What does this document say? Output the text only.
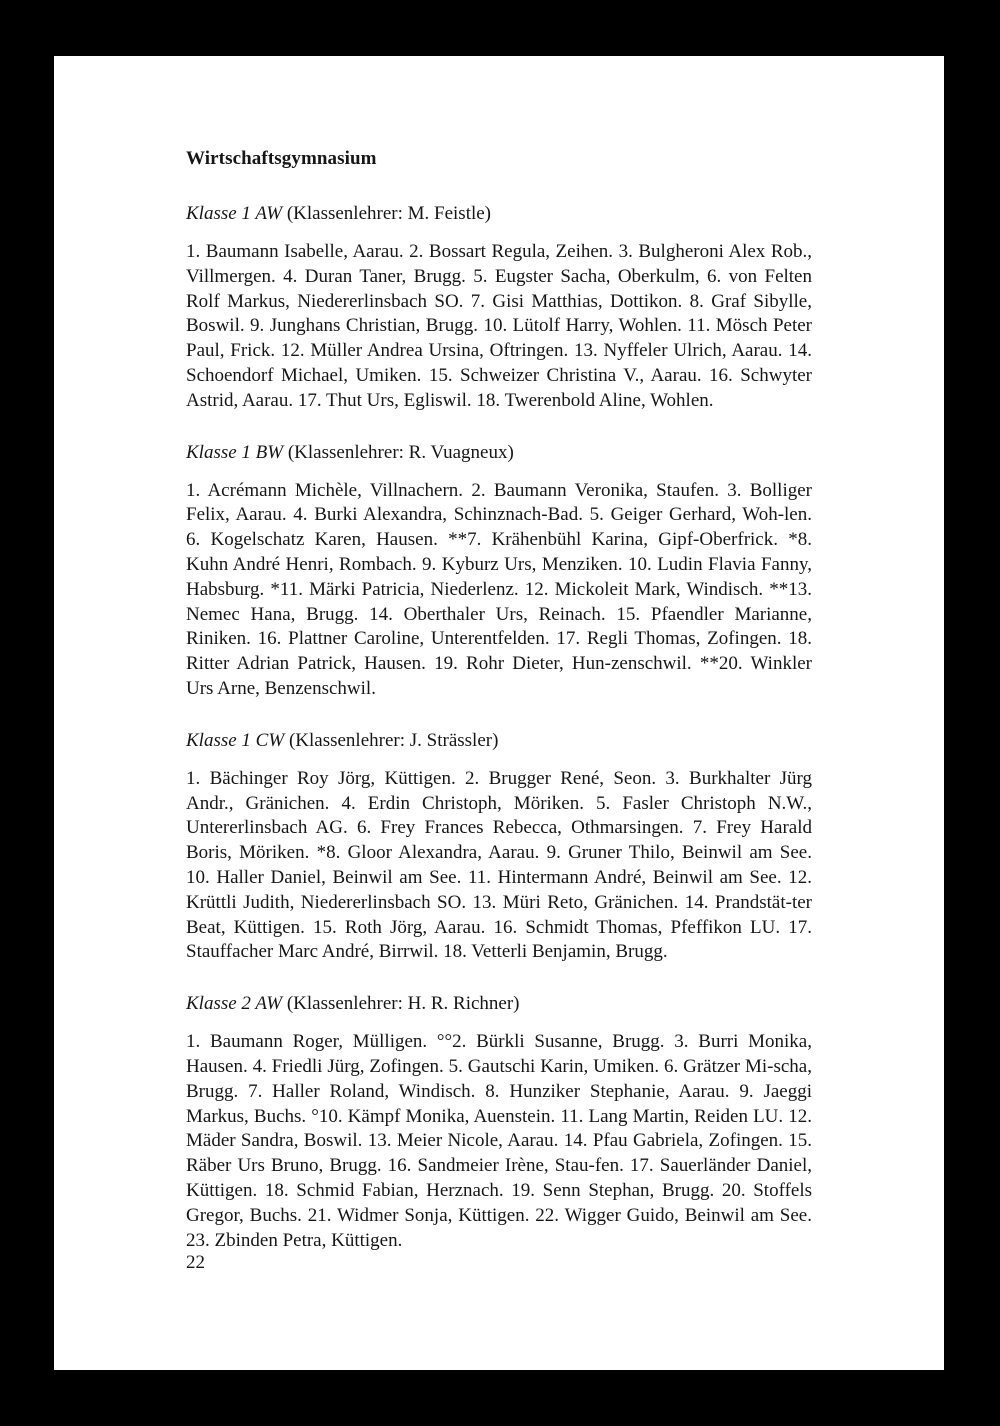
Wirtschaftsgymnasium

Klasse 1 AW (Klassenlehrer: M. Feistle)

1. Baumann Isabelle, Aarau. 2. Bossart Regula, Zeihen. 3. Bulgheroni Alex Rob., Villmergen. 4. Duran Taner, Brugg. 5. Eugster Sacha, Oberkulm, 6. von Felten Rolf Markus, Niedererlinsbach SO. 7. Gisi Matthias, Dottikon. 8. Graf Sibylle, Boswil. 9. Junghans Christian, Brugg. 10. Lütolf Harry, Wohlen. 11. Mösch Peter Paul, Frick. 12. Müller Andrea Ursina, Oftringen. 13. Nyffeler Ulrich, Aarau. 14. Schoendorf Michael, Umiken. 15. Schweizer Christina V., Aarau. 16. Schwyter Astrid, Aarau. 17. Thut Urs, Egliswil. 18. Twerenbold Aline, Wohlen.

Klasse 1 BW (Klassenlehrer: R. Vuagneux)

1. Acrémann Michèle, Villnachern. 2. Baumann Veronika, Staufen. 3. Bolliger Felix, Aarau. 4. Burki Alexandra, Schinznach-Bad. 5. Geiger Gerhard, Woh-len. 6. Kogelschatz Karen, Hausen. **7. Krähenbühl Karina, Gipf-Oberfrick. *8. Kuhn André Henri, Rombach. 9. Kyburz Urs, Menziken. 10. Ludin Flavia Fanny, Habsburg. *11. Märki Patricia, Niederlenz. 12. Mickoleit Mark, Windisch. **13. Nemec Hana, Brugg. 14. Oberthaler Urs, Reinach. 15. Pfaendler Marianne, Riniken. 16. Plattner Caroline, Unterentfelden. 17. Regli Thomas, Zofingen. 18. Ritter Adrian Patrick, Hausen. 19. Rohr Dieter, Hun-zenschwil. **20. Winkler Urs Arne, Benzenschwil.

Klasse 1 CW (Klassenlehrer: J. Strässler)

1. Bächinger Roy Jörg, Küttigen. 2. Brugger René, Seon. 3. Burkhalter Jürg Andr., Gränichen. 4. Erdin Christoph, Möriken. 5. Fasler Christoph N.W., Untererlinsbach AG. 6. Frey Frances Rebecca, Othmarsingen. 7. Frey Harald Boris, Möriken. *8. Gloor Alexandra, Aarau. 9. Gruner Thilo, Beinwil am See. 10. Haller Daniel, Beinwil am See. 11. Hintermann André, Beinwil am See. 12. Krüttli Judith, Niedererlinsbach SO. 13. Müri Reto, Gränichen. 14. Prandstät-ter Beat, Küttigen. 15. Roth Jörg, Aarau. 16. Schmidt Thomas, Pfeffikon LU. 17. Stauffacher Marc André, Birrwil. 18. Vetterli Benjamin, Brugg.

Klasse 2 AW (Klassenlehrer: H. R. Richner)

1. Baumann Roger, Mülligen. °°2. Bürkli Susanne, Brugg. 3. Burri Monika, Hausen. 4. Friedli Jürg, Zofingen. 5. Gautschi Karin, Umiken. 6. Grätzer Mi-scha, Brugg. 7. Haller Roland, Windisch. 8. Hunziker Stephanie, Aarau. 9. Jaeggi Markus, Buchs. °10. Kämpf Monika, Auenstein. 11. Lang Martin, Reiden LU. 12. Mäder Sandra, Boswil. 13. Meier Nicole, Aarau. 14. Pfau Gabriela, Zofingen. 15. Räber Urs Bruno, Brugg. 16. Sandmeier Irène, Stau-fen. 17. Sauerländer Daniel, Küttigen. 18. Schmid Fabian, Herznach. 19. Senn Stephan, Brugg. 20. Stoffels Gregor, Buchs. 21. Widmer Sonja, Küttigen. 22. Wigger Guido, Beinwil am See. 23. Zbinden Petra, Küttigen.

22
